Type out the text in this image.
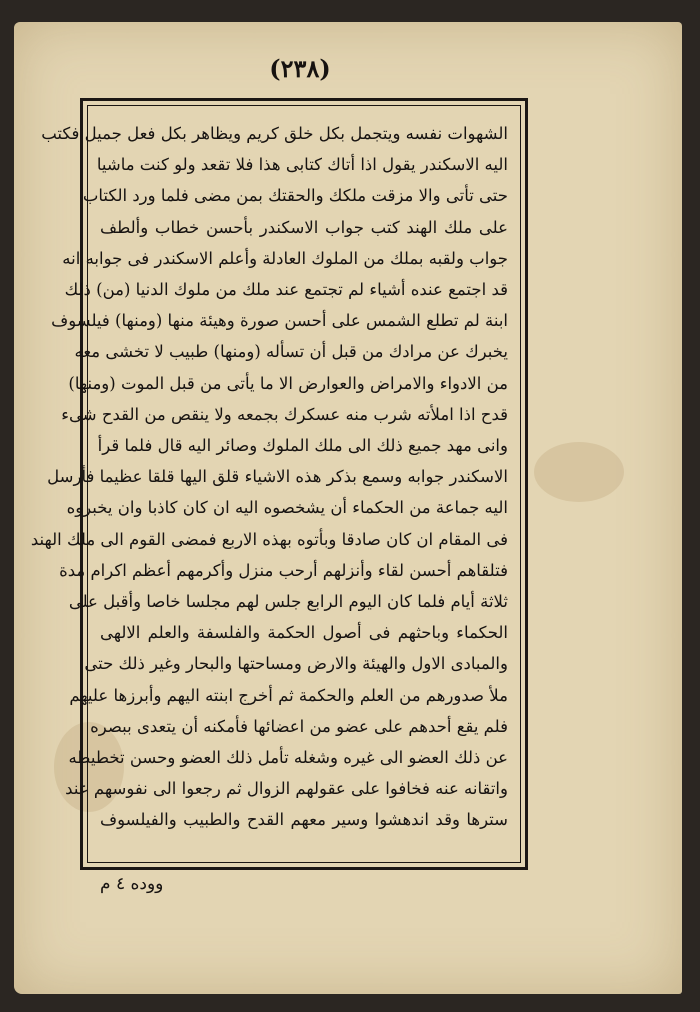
(٢٣٨)
الشهوات نفسه ويتجمل بكل خلق كريم ويظاهر بكل فعل جميل فكتب
اليه الاسكندر يقول اذا أتاك كتابى هذا فلا تقعد ولو كنت ماشيا
حتى تأتى والا مزقت ملكك والحقتك بمن مضى فلما ورد الكتاب
على ملك الهند كتب جواب الاسكندر بأحسن خطاب وألطف
جواب ولقبه بملك من الملوك العادلة وأعلم الاسكندر فى جوابه انه
قد اجتمع عنده أشياء لم تجتمع عند ملك من ملوك الدنيا (من) ذلك
ابنة لم تطلع الشمس على أحسن صورة وهيئة منها (ومنها) فيلسوف
يخبرك عن مرادك من قبل أن تسأله (ومنها) طبيب لا تخشى معه
من الادواء والامراض والعوارض الا ما يأتى من قبل الموت (ومنها)
قدح اذا املأته شرب منه عسكرك بجمعه ولا ينقص من القدح شىء
وانى مهد جميع ذلك الى ملك الملوك وصائر اليه قال فلما قرأ
الاسكندر جوابه وسمع بذكر هذه الاشياء قلق اليها قلقا عظيما فأرسل
اليه جماعة من الحكماء أن يشخصوه اليه ان كان كاذبا وان يخبروه
فى المقام ان كان صادقا وبأتوه بهذه الاربع فمضى القوم الى ملك الهند
فتلقاهم أحسن لقاء وأنزلهم أرحب منزل وأكرمهم أعظم اكرام مدة
ثلاثة أيام فلما كان اليوم الرابع جلس لهم مجلسا خاصا وأقبل على
الحكماء وباحثهم فى أصول الحكمة والفلسفة والعلم الالهى
والمبادى الاول والهيئة والارض ومساحتها والبحار وغير ذلك حتى
ملأ صدورهم من العلم والحكمة ثم أخرج ابنته اليهم وأبرزها عليهم
فلم يقع أحدهم على عضو من اعضائها فأمكنه أن يتعدى ببصره
عن ذلك العضو الى غيره وشغله تأمل ذلك العضو وحسن تخطيطه
واتقانه عنه فخافوا على عقولهم الزوال ثم رجعوا الى نفوسهم عند
سترها وقد اندهشوا وسير معهم القدح والطبيب والفيلسوف
ووده ٤ م
